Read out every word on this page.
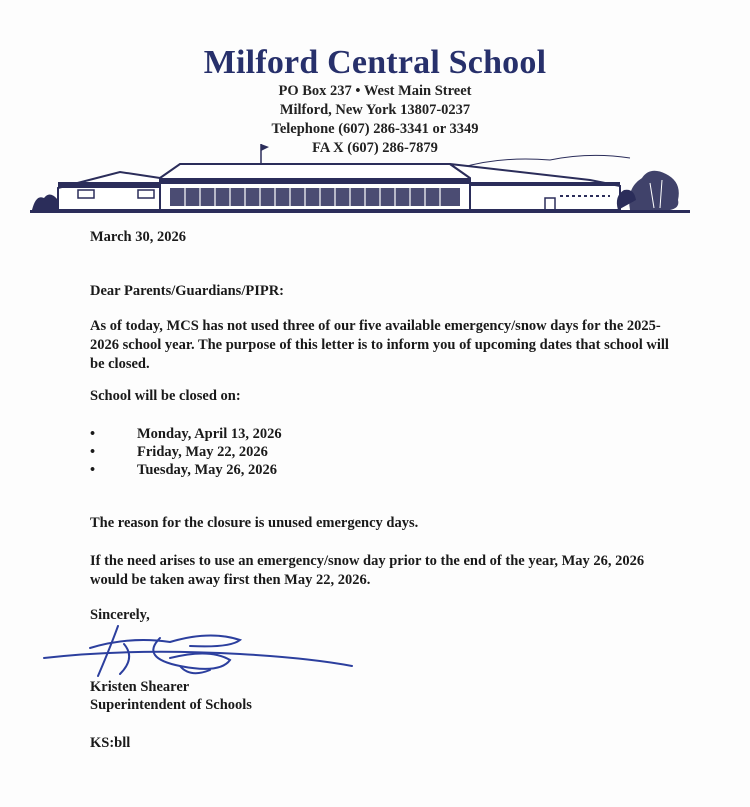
Milford Central School
PO Box 237 • West Main Street
Milford, New York 13807-0237
Telephone (607) 286-3341 or 3349
FA X (607) 286-7879
March 30, 2026
Dear Parents/Guardians/PIPR:
As of today, MCS has not used three of our five available emergency/snow days for the 2025-2026 school year. The purpose of this letter is to inform you of upcoming dates that school will be closed.
School will be closed on:
•	Monday, April 13, 2026
•	Friday, May 22, 2026
•	Tuesday, May 26, 2026
The reason for the closure is unused emergency days.
If the need arises to use an emergency/snow day prior to the end of the year, May 26, 2026 would be taken away first then May 22, 2026.
Sincerely,
Kristen Shearer
Superintendent of Schools
KS:bll
